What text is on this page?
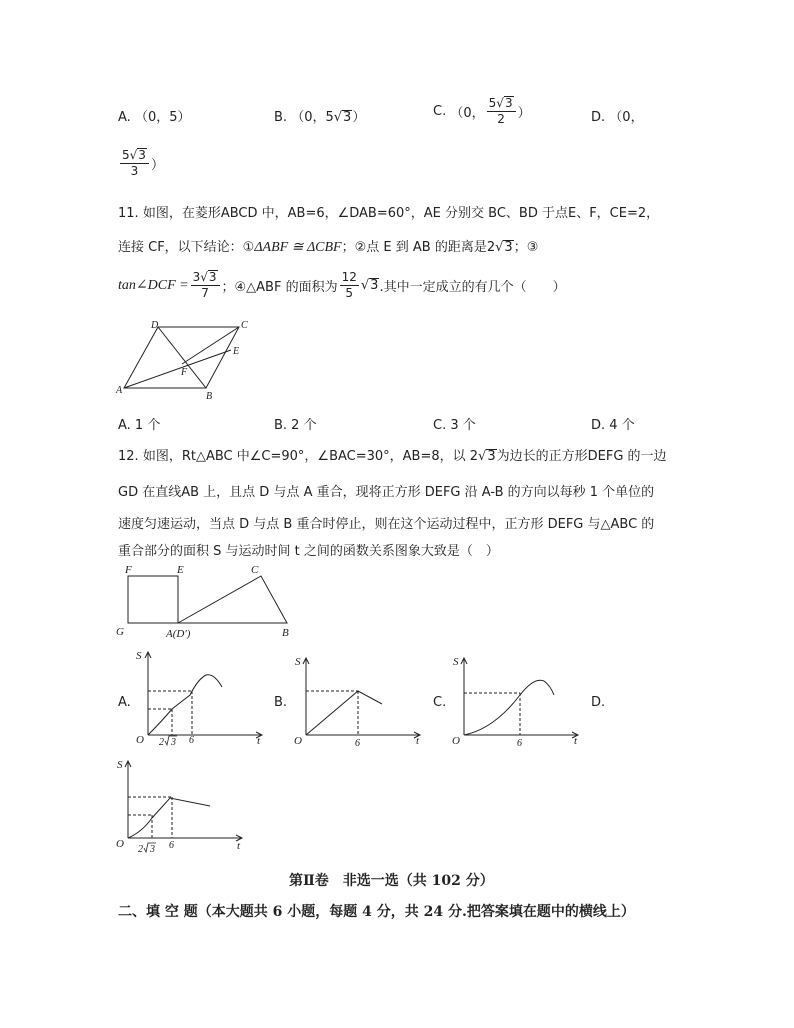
A. （0，5）	B. （0，5√3）	C. （0， $\frac{5√3}{2}$ ）	D. （0，
$\frac{5√3}{3}$ ）
11. 如图，在菱形ABCD 中，AB=6，∠DAB=60°，AE 分别交 BC、BD 于点E、F，CE=2，
连接 CF，以下结论：①ΔABF ≅ ΔCBF；②点 E 到 AB 的距离是2√3；③
tan∠DCF = $\frac{3√3}{7}$ ；④△ABF 的面积为 $\frac{12}{5} √3$.其中一定成立的有几个（　　）
D	C
E
F
A
B
A. 1 个	B. 2 个	C. 3 个	D. 4 个
12. 如图，Rt△ABC 中∠C=90°，∠BAC=30°，AB=8，以 2√3为边长的正方形DEFG 的一边
GD 在直线AB 上，且点 D 与点 A 重合，现将正方形 DEFG 沿 A-B 的方向以每秒 1 个单位的
速度匀速运动，当点 D 与点 B 重合时停止，则在这个运动过程中，正方形 DEFG 与△ABC 的
重合部分的面积 S 与运动时间 t 之间的函数关系图象大致是（　）
F	E	C
G	A(D′)	B
A.	B.	C.	D.
S
t
O 2 3 6
S
t
O	6
S
t
O	6
S
t
O 2 3 6
第Ⅱ卷　非选一选（共 102 分）
二、填 空 题（本大题共 6 小题，每题 4 分，共 24 分.把答案填在题中的横线上）
